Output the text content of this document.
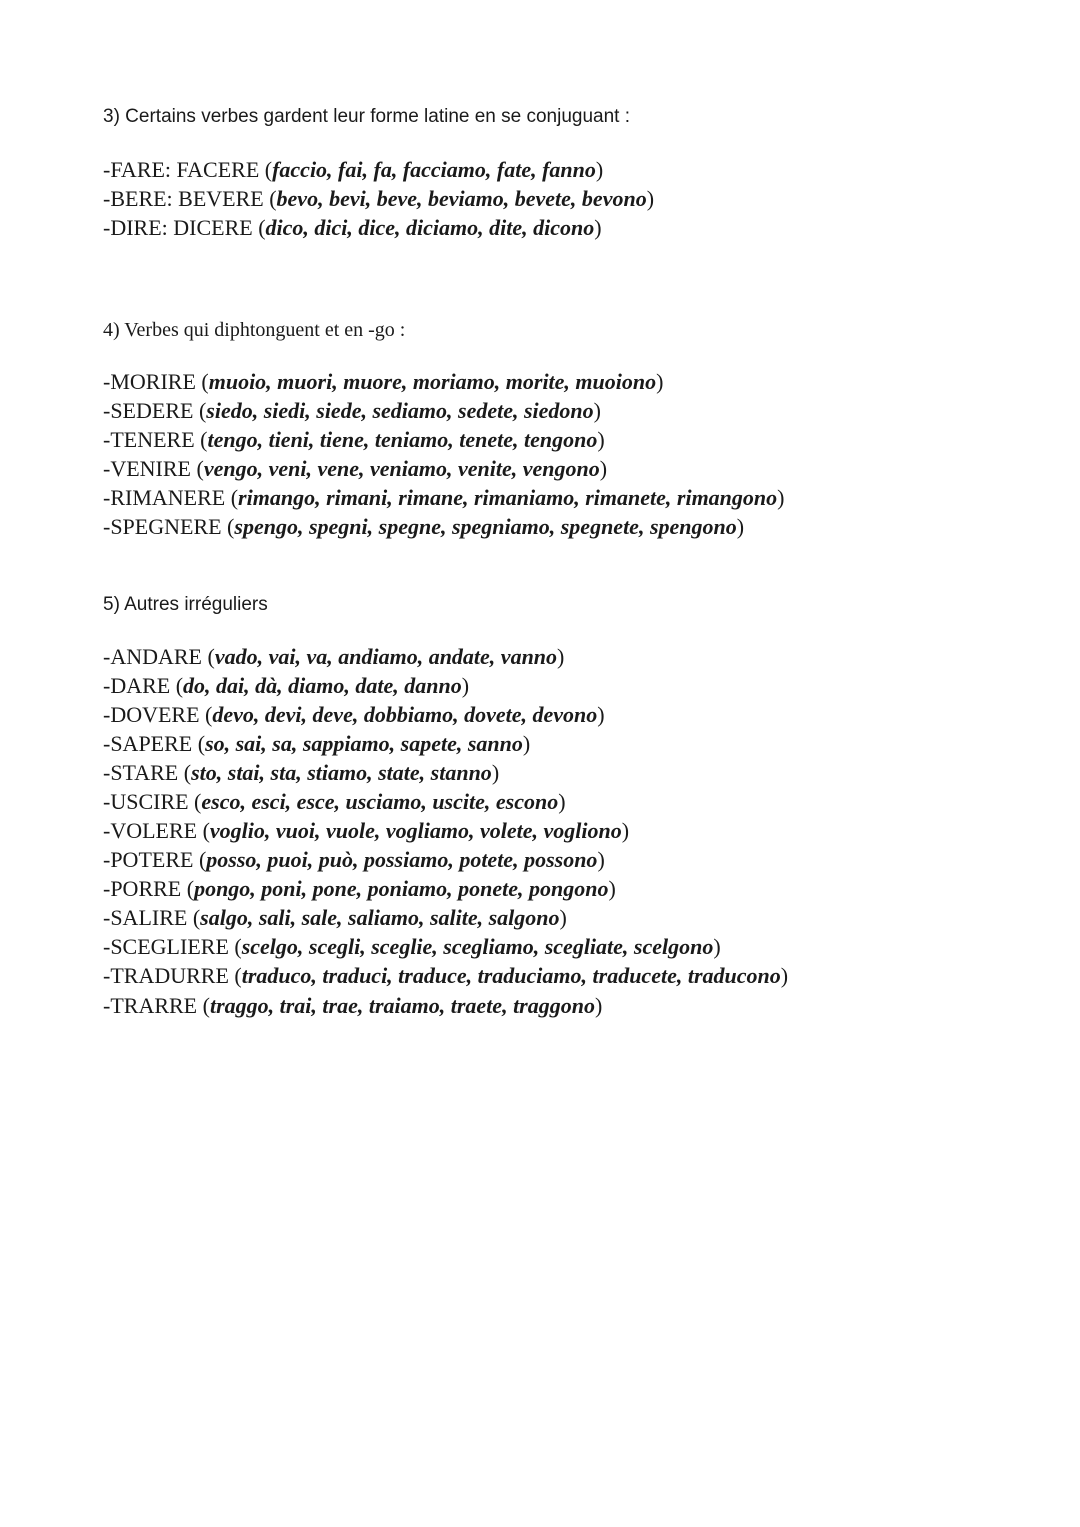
3) Certains verbes gardent leur forme latine en se conjuguant :
-FARE: FACERE (faccio, fai, fa, facciamo, fate, fanno)
-BERE: BEVERE (bevo, bevi, beve, beviamo, bevete, bevono)
-DIRE: DICERE (dico, dici, dice, diciamo, dite, dicono)
4) Verbes qui diphtonguent et en -go :
-MORIRE (muoio, muori, muore, moriamo, morite, muoiono)
-SEDERE (siedo, siedi, siede, sediamo, sedete, siedono)
-TENERE (tengo, tieni, tiene, teniamo, tenete, tengono)
-VENIRE (vengo, veni, vene, veniamo, venite, vengono)
-RIMANERE (rimango, rimani, rimane, rimaniamo, rimanete, rimangono)
-SPEGNERE (spengo, spegni, spegne, spegniamo, spegnete, spengono)
5) Autres irréguliers
-ANDARE (vado, vai, va, andiamo, andate, vanno)
-DARE (do, dai, dà, diamo, date, danno)
-DOVERE (devo, devi, deve, dobbiamo, dovete, devono)
-SAPERE (so, sai, sa, sappiamo, sapete, sanno)
-STARE (sto, stai, sta, stiamo, state, stanno)
-USCIRE (esco, esci, esce, usciamo, uscite, escono)
-VOLERE (voglio, vuoi, vuole, vogliamo, volete, vogliono)
-POTERE (posso, puoi, può, possiamo, potete, possono)
-PORRE (pongo, poni, pone, poniamo, ponete, pongono)
-SALIRE (salgo, sali, sale, saliamo, salite, salgono)
-SCEGLIERE (scelgo, scegli, sceglie, scegliamo, scegliate, scelgono)
-TRADURRE (traduco, traduci, traduce, traduciamo, traducete, traducono)
-TRARRE (traggo, trai, trae, traiamo, traete, traggono)
